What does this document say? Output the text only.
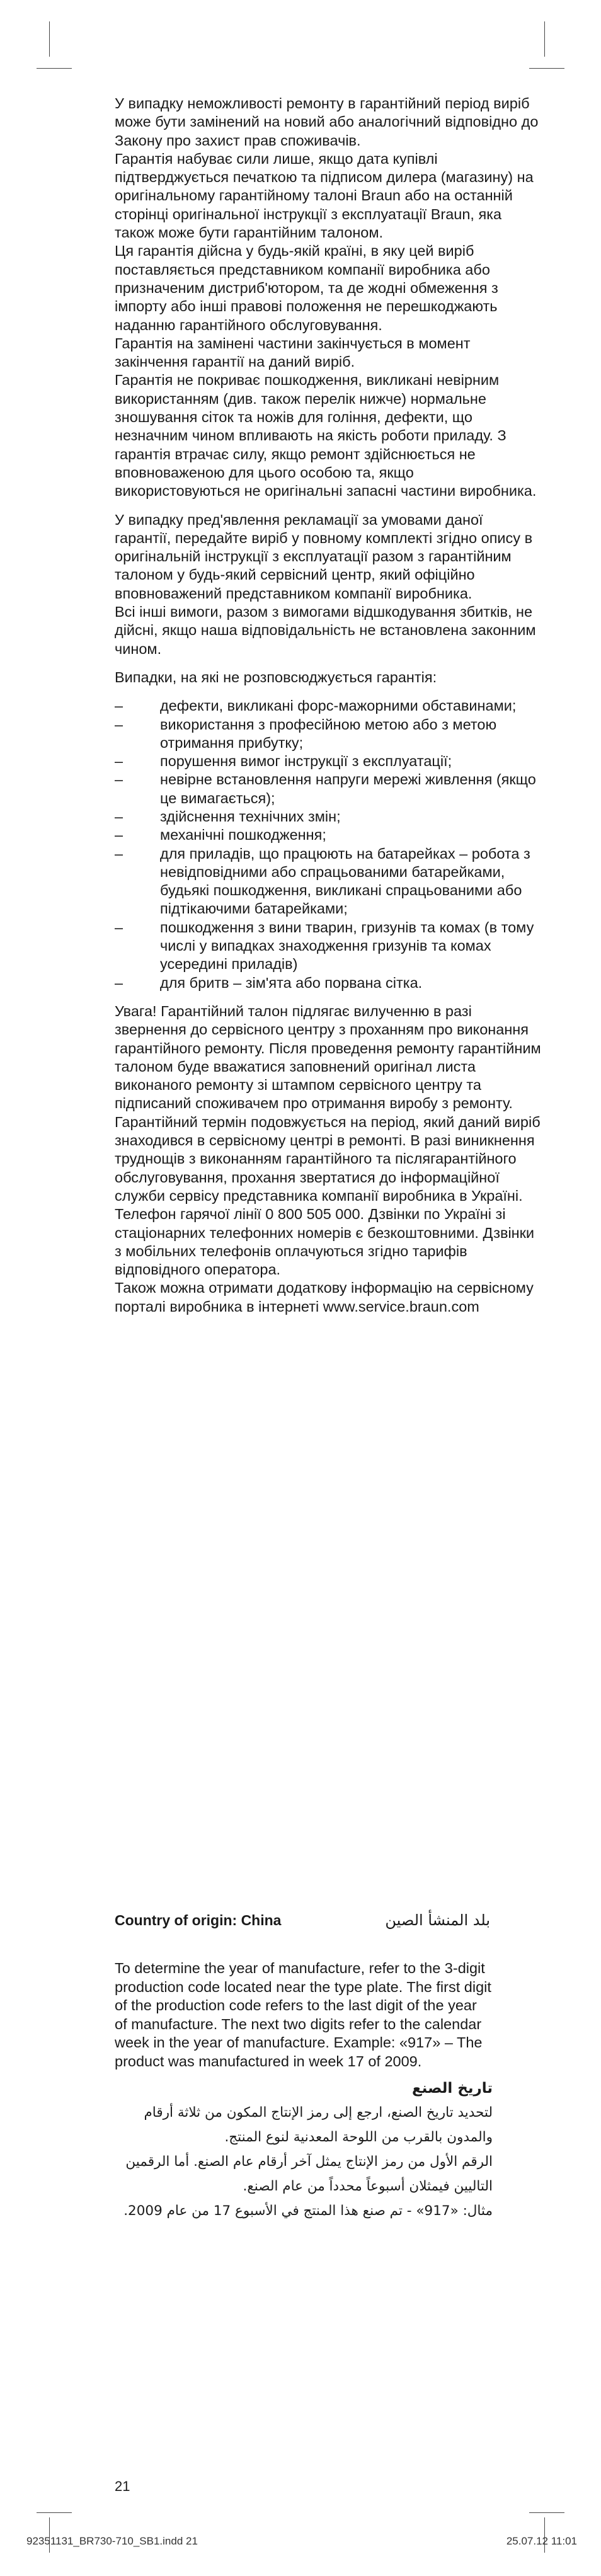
У випадку неможливості ремонту в гарантійний період виріб може бути замінений на новий або аналогічний відповідно до Закону про захист прав споживачів.

Гарантія набуває сили лише, якщо дата купівлі підтверджується печаткою та підписом дилера (магазину) на оригінальному гарантійному талоні Braun або на останній сторінці оригінальної інструкції з експлуатації Braun, яка також може бути гарантійним талоном.

Ця гарантія дійсна у будь-якій країні, в яку цей виріб поставляється представником компанії виробника або призначеним дистриб'ютором, та де жодні обмеження з імпорту або інші правові положення не перешкоджають наданню гарантійного обслуговування.

Гарантія на замінені частини закінчується в момент закінчення гарантії на даний виріб.

Гарантія не покриває пошкодження, викликані невірним використанням (див. також перелік нижче) нормальне зношування сіток та ножів для гоління, дефекти, що незначним чином впливають на якість роботи приладу. З гарантія втрачає силу, якщо ремонт здійснюється не вповноваженою для цього особою та, якщо використовуються не оригінальні запасні частини виробника.

У випадку пред'явлення рекламації за умовами даної гарантії, передайте виріб у повному комплекті згідно опису в оригінальній інструкції з експлуатації разом з гарантійним талоном у будь-який сервісний центр, який офіційно вповноважений представником компанії виробника.

Всі інші вимоги, разом з вимогами відшкодування збитків, не дійсні, якщо наша відповідальність не встановлена законним чином.

Випадки, на які не розповсюджується гарантія:

–	дефекти, викликані форс-мажорними обставинами;
–	використання з професійною метою або з метою отримання прибутку;
–	порушення вимог інструкції з експлуатації;
–	невірне встановлення напруги мережі живлення (якщо це вимагається);
–	здійснення технічних змін;
–	механічні пошкодження;
–	для приладів, що працюють на батарейках – робота з невідповідними або спрацьованими батарейками, будьякі пошкодження, викликані спрацьованими або підтікаючими батарейками;
–	пошкодження з вини тварин, гризунів та комах (в тому числі у випадках знаходження гризунів та комах усередині приладів)
–	для бритв – зім'ята або порвана сітка.

Увага! Гарантійний талон підлягає вилученню в разі звернення до сервісного центру з проханням про виконання гарантійного ремонту. Після проведення ремонту гарантійним талоном буде вважатися заповнений оригінал листа виконаного ремонту зі штампом сервісного центру та підписаний споживачем про отримання виробу з ремонту. Гарантійний термін подовжується на період, який даний виріб знаходився в сервісному центрі в ремонті. В разі виникнення труднощів з виконанням гарантійного та післягарантійного обслуговування, прохання звертатися до інформаційної служби сервісу представника компанії виробника в Україні.

Телефон гарячої лінії 0 800 505 000. Дзвінки по Україні зі стаціонарних телефонних номерів є безкоштовними. Дзвінки з мобільних телефонів оплачуються згідно тарифів відповідного оператора.

Також можна отримати додаткову інформацію на сервісному порталі виробника в інтернеті www.service.braun.com

Country of origin: China	بلد المنشأ الصين

To determine the year of manufacture, refer to the 3-digit production code located near the type plate. The first digit of the production code refers to the last digit of the year of manufacture. The next two digits refer to the calendar week in the year of manufacture. Example: «917» – The product was manufactured in week 17 of 2009.

تاريخ الصنع

لتحديد تاريخ الصنع، ارجع إلى رمز الإنتاج المكون من ثلاثة أرقام والمدون بالقرب من اللوحة المعدنية لنوع المنتج.

الرقم الأول من رمز الإنتاج يمثل آخر أرقام عام الصنع. أما الرقمين التاليين فيمثلان أسبوعاً محدداً من عام الصنع.

مثال: «917» - تم صنع هذا المنتج في الأسبوع 17 من عام 2009.

21
92351131_BR730-710_SB1.indd 21	25.07.12 11:01
